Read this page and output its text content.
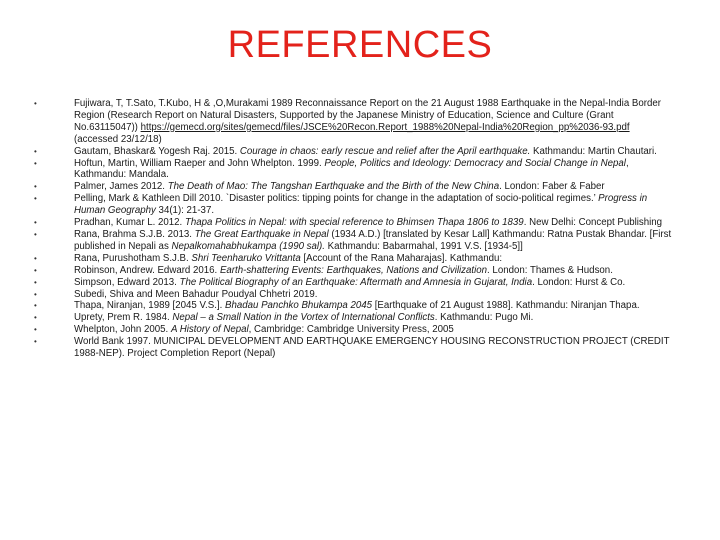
REFERENCES
•	Fujiwara, T, T.Sato, T.Kubo, H & ,O,Murakami 1989 Reconnaissance Report on the 21 August 1988 Earthquake in the Nepal-India Border Region (Research Report on Natural Disasters, Supported by the Japanese Ministry of Education, Science and Culture (Grant No.63115047)) https://gemecd.org/sites/gemecd/files/JSCE%20Recon.Report_1988%20Nepal-India%20Region_pp%2036-93.pdf (accessed 23/12/18)
•	Gautam, Bhaskar& Yogesh Raj. 2015. Courage in chaos: early rescue and relief after the April earthquake. Kathmandu: Martin Chautari.
•	Hoftun, Martin, William Raeper and John Whelpton. 1999. People, Politics and Ideology: Democracy and Social Change in Nepal, Kathmandu: Mandala.
•	Palmer, James 2012. The Death of Mao: The Tangshan Earthquake and the Birth of the New China. London: Faber & Faber
•	Pelling, Mark & Kathleen Dill 2010. `Disaster politics: tipping points for change in the adaptation of socio-political regimes.’ Progress in Human Geography 34(1): 21-37.
•	Pradhan, Kumar L. 2012. Thapa Politics in Nepal: with special reference to Bhimsen Thapa 1806 to 1839. New Delhi: Concept Publishing
•	Rana, Brahma S.J.B. 2013. The Great Earthquake in Nepal (1934 A.D.) [translated by Kesar Lall] Kathmandu: Ratna Pustak Bhandar. [First published in Nepali as Nepalkomahabhukampa (1990 sal). Kathmandu: Babarmahal, 1991 V.S. [1934-5]]
•	Rana, Purushotham S.J.B. Shri Teenharuko Vrittanta [Account of the Rana Maharajas]. Kathmandu:
•	Robinson, Andrew. Edward 2016. Earth-shattering Events: Earthquakes, Nations and Civilization. London: Thames & Hudson.
•	Simpson, Edward 2013. The Political Biography of an Earthquake: Aftermath and Amnesia in Gujarat, India. London: Hurst & Co.
•	Subedi, Shiva and Meen Bahadur Poudyal Chhetri 2019.
•	Thapa, Niranjan, 1989 [2045 V.S.]. Bhadau Panchko Bhukampa 2045 [Earthquake of 21 August 1988]. Kathmandu: Niranjan Thapa.
•	Uprety, Prem R. 1984. Nepal – a Small Nation in the Vortex of International Conflicts. Kathmandu: Pugo Mi.
•	Whelpton, John 2005. A History of Nepal, Cambridge: Cambridge University Press, 2005
•	World Bank 1997. MUNICIPAL DEVELOPMENT AND EARTHQUAKE EMERGENCY HOUSING RECONSTRUCTION PROJECT (CREDIT 1988-NEP). Project Completion Report (Nepal)
